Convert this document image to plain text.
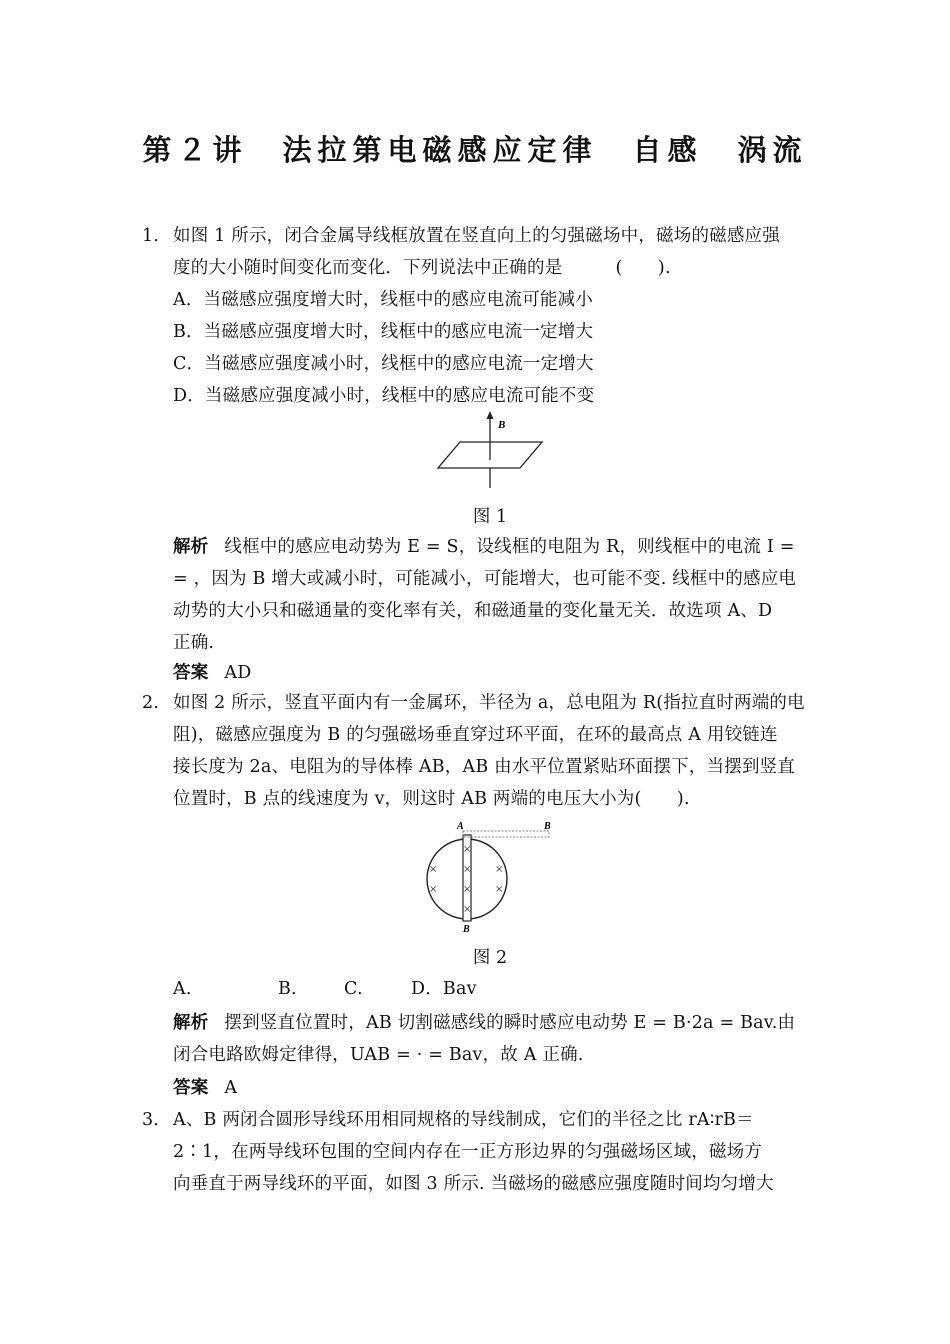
第２讲　法拉第电磁感应定律　自感　涡流
1. 如图 1 所示，闭合金属导线框放置在竖直向上的匀强磁场中，磁场的磁感应强
度的大小随时间变化而变化．下列说法中正确的是　　　(　　).
A．当磁感应强度增大时，线框中的感应电流可能减小
B．当磁感应强度增大时，线框中的感应电流一定增大
C．当磁感应强度减小时，线框中的感应电流一定增大
D．当磁感应强度减小时，线框中的感应电流可能不变
B
图 1
解析 线框中的感应电动势为 E = S，设线框的电阻为 R，则线框中的电流 I =
= ，因为 B 增大或减小时，可能减小，可能增大，也可能不变. 线框中的感应电
动势的大小只和磁通量的变化率有关，和磁通量的变化量无关．故选项 A、D
正确.
答案 AD
2. 如图 2 所示，竖直平面内有一金属环，半径为 a，总电阻为 R(指拉直时两端的电
阻)，磁感应强度为 B 的匀强磁场垂直穿过环平面，在环的最高点 A 用铰链连
接长度为 2a、电阻为的导体棒 AB，AB 由水平位置紧贴环面摆下，当摆到竖直
位置时，B 点的线速度为 v，则这时 AB 两端的电压大小为(　　).
A	B
B
×
×
×
×
×
×
×
×
图 2
A.	B.	C.	D．Bav
解析 摆到竖直位置时，AB 切割磁感线的瞬时感应电动势 E = B·2a = Bav.由
闭合电路欧姆定律得，UAB = · = Bav，故 A 正确.
答案 A
3． A、B 两闭合圆形导线环用相同规格的导线制成，它们的半径之比 rA∶rB＝
2∶1，在两导线环包围的空间内存在一正方形边界的匀强磁场区域，磁场方
向垂直于两导线环的平面，如图 3 所示. 当磁场的磁感应强度随时间均匀增大
